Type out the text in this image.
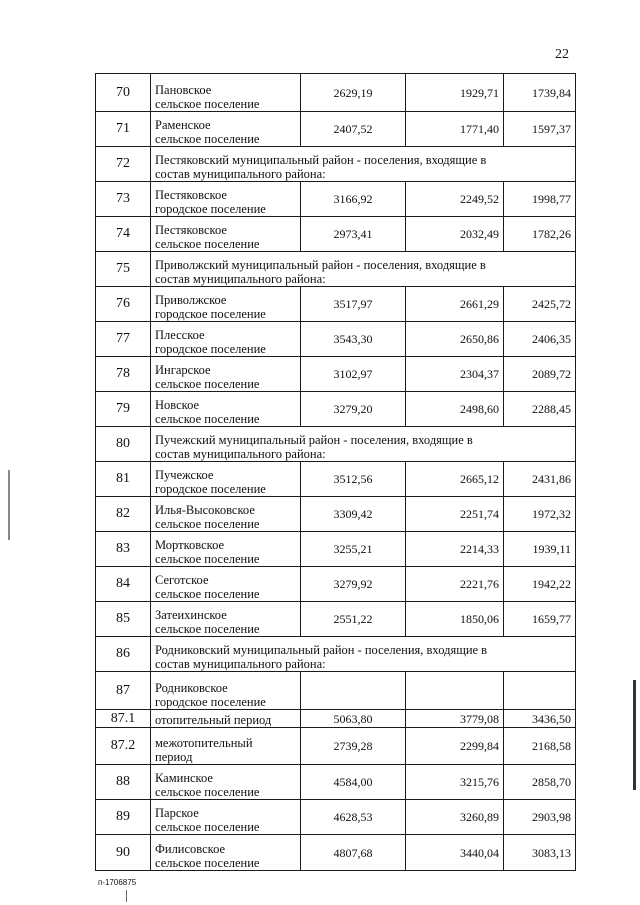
22
70	Пановское
сельское поселение	2629,19	1929,71	1739,84
71	Раменское
сельское поселение	2407,52	1771,40	1597,37
72	Пестяковский муниципальный район - поселения, входящие в
состав муниципального района:			

73	Пестяковское
городское поселение	3166,92	2249,52	1998,77
74	Пестяковское
сельское поселение	2973,41	2032,49	1782,26
75	Приволжский муниципальный район - поселения, входящие в
состав муниципального района:			

76	Приволжское
городское поселение	3517,97	2661,29	2425,72
77	Плесское
городское поселение	3543,30	2650,86	2406,35
78	Ингарское
сельское поселение	3102,97	2304,37	2089,72
79	Новское
сельское поселение	3279,20	2498,60	2288,45
80	Пучежский муниципальный район - поселения, входящие в
состав муниципального района:			

81	Пучежское
городское поселение	3512,56	2665,12	2431,86
82	Илья-Высоковское
сельское поселение	3309,42	2251,74	1972,32
83	Мортковское
сельское поселение	3255,21	2214,33	1939,11
84	Сеготское
сельское поселение	3279,92	2221,76	1942,22
85	Затеихинское
сельское поселение	2551,22	1850,06	1659,77
86	Родниковский муниципальный район - поселения, входящие в
состав муниципального района:			

87	Родниковское
городское поселение			

87.1	отопительный период	5063,80	3779,08	3436,50
87.2	межотопительный
период	2739,28	2299,84	2168,58
88	Каминское
сельское поселение	4584,00	3215,76	2858,70
89	Парское
сельское поселение	4628,53	3260,89	2903,98
90	Филисовское
сельское поселение	4807,68	3440,04	3083,13
п-1706875
